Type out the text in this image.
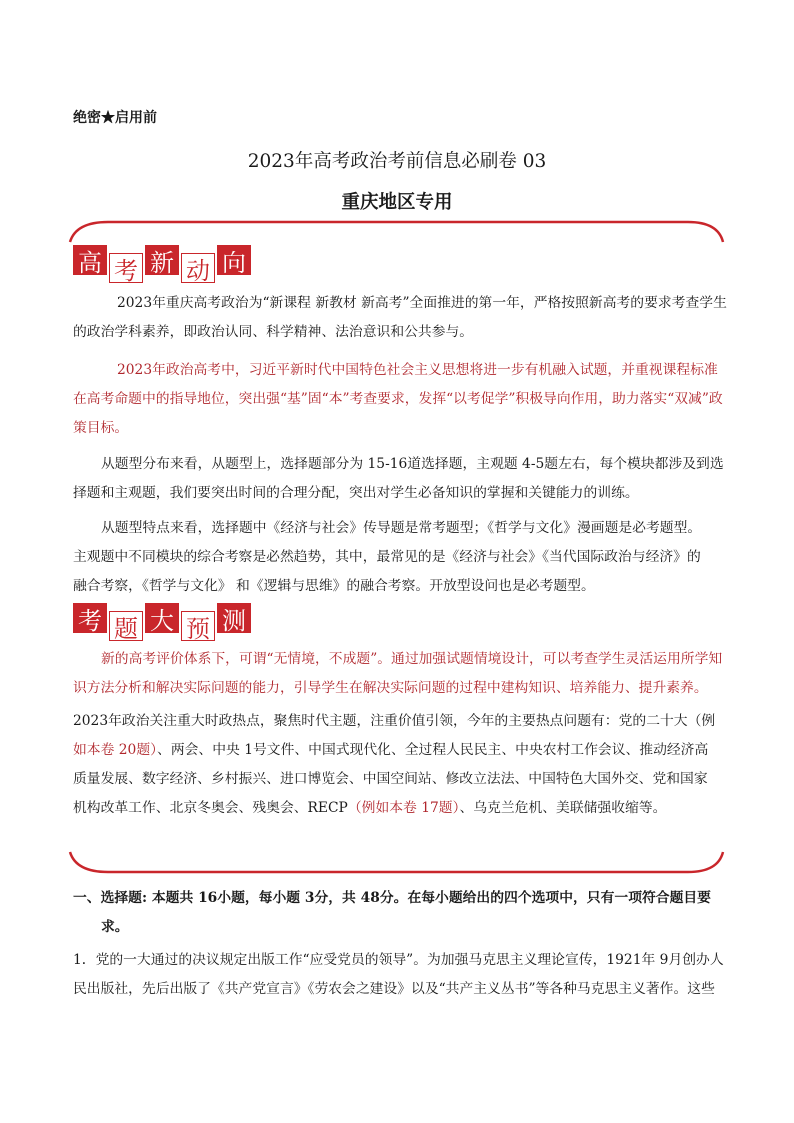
绝密★启用前
2023年高考政治考前信息必刷卷 03
重庆地区专用
高 考 新 动 向
2023年重庆高考政治为“新课程 新教材 新高考”全面推进的第一年，严格按照新高考的要求考查学生
的政治学科素养，即政治认同、科学精神、法治意识和公共参与。
2023年政治高考中，习近平新时代中国特色社会主义思想将进一步有机融入试题，并重视课程标准
在高考命题中的指导地位，突出强“基”固“本”考查要求，发挥“以考促学”积极导向作用，助力落实“双减”政
策目标。
从题型分布来看，从题型上，选择题部分为 15-16道选择题，主观题 4-5题左右，每个模块都涉及到选
择题和主观题，我们要突出时间的合理分配，突出对学生必备知识的掌握和关键能力的训练。
从题型特点来看，选择题中《经济与社会》传导题是常考题型；《哲学与文化》漫画题是必考题型。
主观题中不同模块的综合考察是必然趋势，其中，最常见的是《经济与社会》《当代国际政治与经济》的
融合考察，《哲学与文化》 和《逻辑与思维》的融合考察。开放型设问也是必考题型。
考 题 大 预 测
新的高考评价体系下，可谓“无情境，不成题”。通过加强试题情境设计，可以考查学生灵活运用所学知
识方法分析和解决实际问题的能力，引导学生在解决实际问题的过程中建构知识、培养能力、提升素养。
2023年政治关注重大时政热点，聚焦时代主题，注重价值引领，今年的主要热点问题有：党的二十大（例
如本卷 20题）、两会、中央 1号文件、中国式现代化、全过程人民民主、中央农村工作会议、推动经济高
质量发展、数字经济、乡村振兴、进口博览会、中国空间站、修改立法法、中国特色大国外交、党和国家
机构改革工作、北京冬奥会、残奥会、RECP（例如本卷 17题）、乌克兰危机、美联储强收缩等。
一、选择题: 本题共 16小题，每小题 3分，共 48分。在每小题给出的四个选项中，只有一项符合题目要
求。
1．党的一大通过的决议规定出版工作“应受党员的领导”。为加强马克思主义理论宣传，1921年 9月创办人
民出版社，先后出版了《共产党宣言》《劳农会之建设》以及“共产主义丛书”等各种马克思主义著作。这些
